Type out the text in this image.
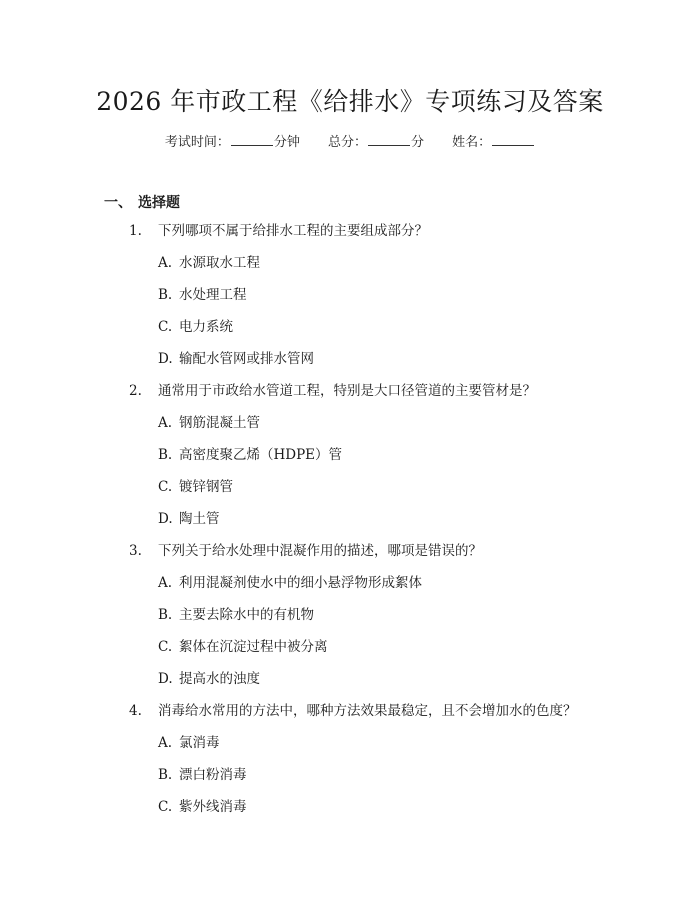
2026 年市政工程《给排水》专项练习及答案
考试时间：	分钟 总分：	分 姓名：
一、 选择题
1. 下列哪项不属于给排水工程的主要组成部分？
A. 水源取水工程
B. 水处理工程
C. 电力系统
D. 输配水管网或排水管网
2. 通常用于市政给水管道工程，特别是大口径管道的主要管材是？
A. 钢筋混凝土管
B. 高密度聚乙烯（HDPE）管
C. 镀锌钢管
D. 陶土管
3. 下列关于给水处理中混凝作用的描述，哪项是错误的？
A. 利用混凝剂使水中的细小悬浮物形成絮体
B. 主要去除水中的有机物
C. 絮体在沉淀过程中被分离
D. 提高水的浊度
4. 消毒给水常用的方法中，哪种方法效果最稳定，且不会增加水的色度？
A. 氯消毒
B. 漂白粉消毒
C. 紫外线消毒
